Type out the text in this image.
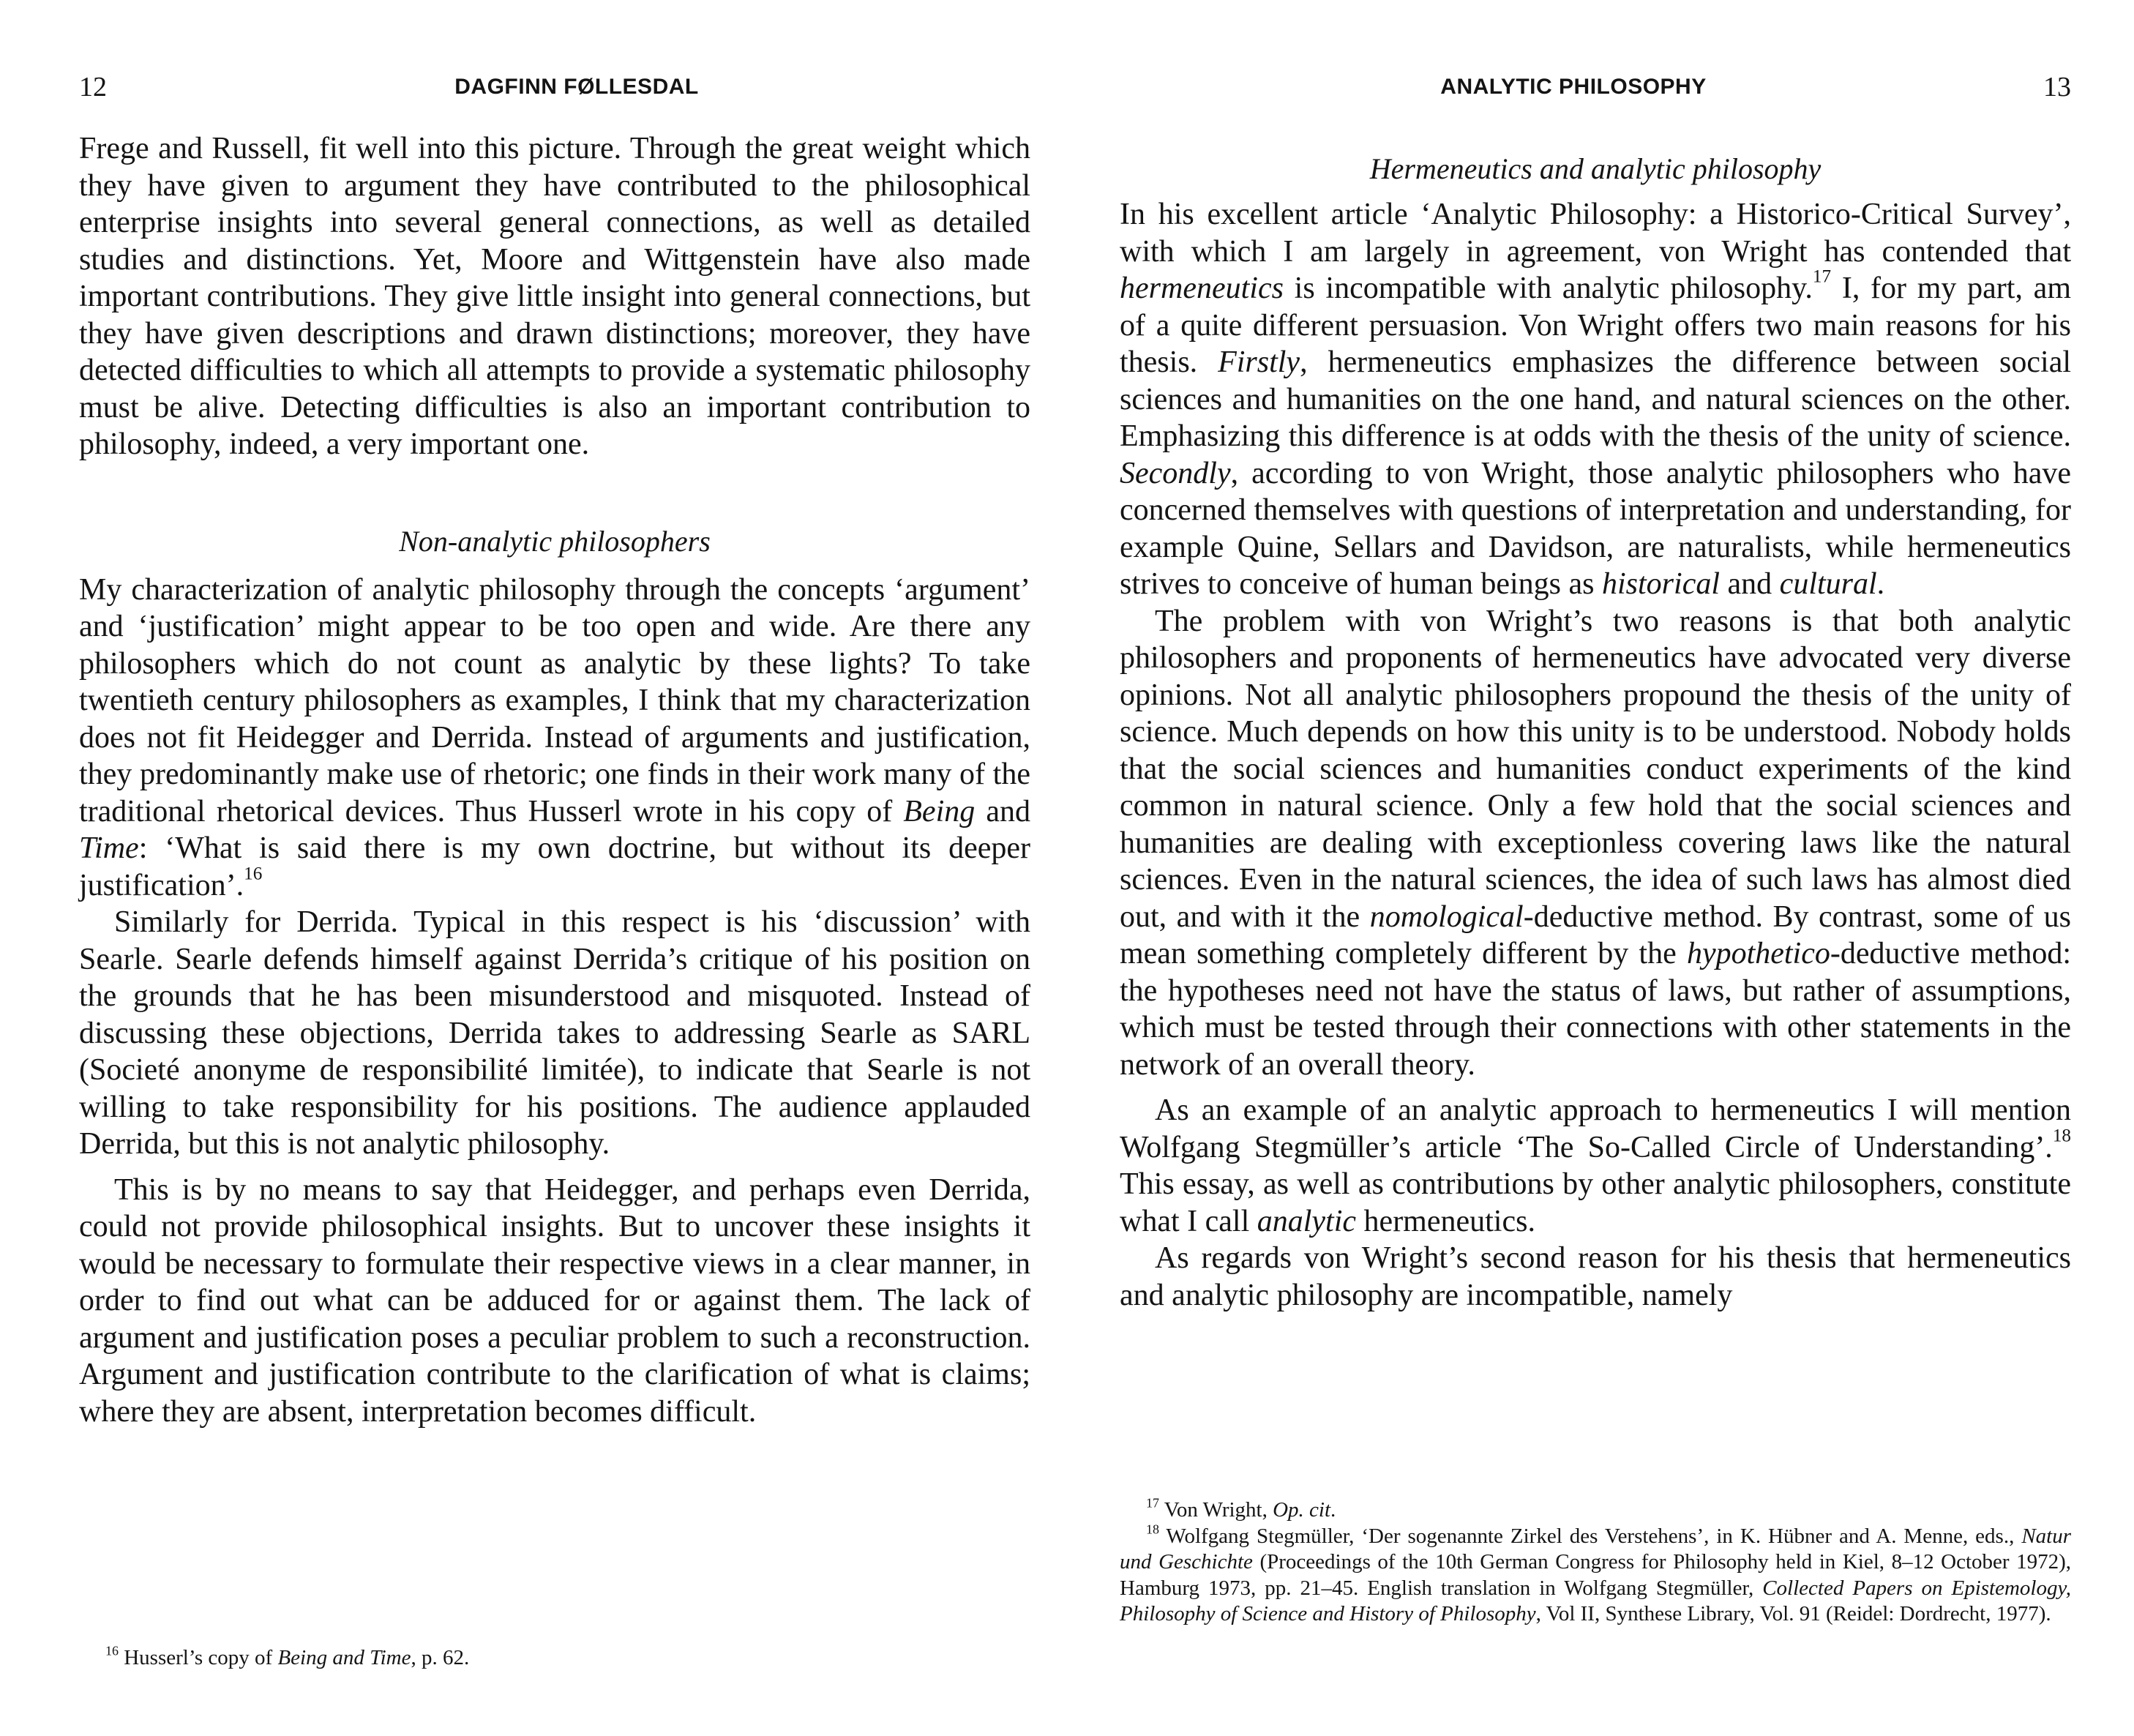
12	DAGFINN FØLLESDAL

Frege and Russell, fit well into this picture. Through the great weight which they have given to argument they have contributed to the philosophical enterprise insights into several general connections, as well as detailed studies and distinctions. Yet, Moore and Wittgenstein have also made important contributions. They give little insight into general connections, but they have given descriptions and drawn distinctions; moreover, they have detected difficulties to which all attempts to provide a systematic philosophy must be alive. Detecting difficulties is also an important contribution to philosophy, indeed, a very important one.

Non-analytic philosophers

My characterization of analytic philosophy through the concepts ‘argument’ and ‘justification’ might appear to be too open and wide. Are there any philosophers which do not count as analytic by these lights? To take twentieth century philosophers as examples, I think that my characterization does not fit Heidegger and Derrida. Instead of arguments and justification, they predominantly make use of rhetoric; one finds in their work many of the traditional rhetorical devices. Thus Husserl wrote in his copy of Being and Time: ‘What is said there is my own doctrine, but without its deeper justification’.$^{16}$

Similarly for Derrida. Typical in this respect is his ‘discussion’ with Searle. Searle defends himself against Derrida’s critique of his position on the grounds that he has been misunderstood and misquoted. Instead of discussing these objections, Derrida takes to addressing Searle as SARL (Societé anonyme de responsibilité limitée), to indicate that Searle is not willing to take responsibility for his positions. The audience applauded Derrida, but this is not analytic philosophy.

This is by no means to say that Heidegger, and perhaps even Derrida, could not provide philosophical insights. But to uncover these insights it would be necessary to formulate their respective views in a clear manner, in order to find out what can be adduced for or against them. The lack of argument and justification poses a peculiar problem to such a reconstruction. Argument and justification contribute to the clarification of what is claims; where they are absent, interpretation becomes difficult.

$^{16}$ Husserl’s copy of Being and Time, p. 62.

ANALYTIC PHILOSOPHY	13
Hermeneutics and analytic philosophy

In his excellent article ‘Analytic Philosophy: a Historico-Critical Survey’, with which I am largely in agreement, von Wright has contended that hermeneutics is incompatible with analytic philosophy.$^{17}$ I, for my part, am of a quite different persuasion. Von Wright offers two main reasons for his thesis. Firstly, hermeneutics emphasizes the difference between social sciences and humanities on the one hand, and natural sciences on the other. Emphasizing this difference is at odds with the thesis of the unity of science. Secondly, according to von Wright, those analytic philosophers who have concerned themselves with questions of interpretation and understanding, for example Quine, Sellars and Davidson, are naturalists, while hermeneutics strives to conceive of human beings as historical and cultural.

The problem with von Wright’s two reasons is that both analytic philosophers and proponents of hermeneutics have advocated very diverse opinions. Not all analytic philosophers propound the thesis of the unity of science. Much depends on how this unity is to be understood. Nobody holds that the social sciences and humanities conduct experiments of the kind common in natural science. Only a few hold that the social sciences and humanities are dealing with exceptionless covering laws like the natural sciences. Even in the natural sciences, the idea of such laws has almost died out, and with it the nomological-deductive method. By contrast, some of us mean something completely different by the hypothetico-deductive method: the hypotheses need not have the status of laws, but rather of assumptions, which must be tested through their connections with other statements in the network of an overall theory.

As an example of an analytic approach to hermeneutics I will mention Wolfgang Stegmüller’s article ‘The So-Called Circle of Understanding’.$^{18}$ This essay, as well as contributions by other analytic philosophers, constitute what I call analytic hermeneutics.

As regards von Wright’s second reason for his thesis that hermeneutics and analytic philosophy are incompatible, namely

$^{17}$ Von Wright, Op. cit.

$^{18}$ Wolfgang Stegmüller, ‘Der sogenannte Zirkel des Verstehens’, in K. Hübner and A. Menne, eds., Natur und Geschichte (Proceedings of the 10th German Congress for Philosophy held in Kiel, 8–12 October 1972), Hamburg 1973, pp. 21–45. English translation in Wolfgang Stegmüller, Collected Papers on Epistemology, Philosophy of Science and History of Philosophy, Vol II, Synthese Library, Vol. 91 (Reidel: Dordrecht, 1977).
